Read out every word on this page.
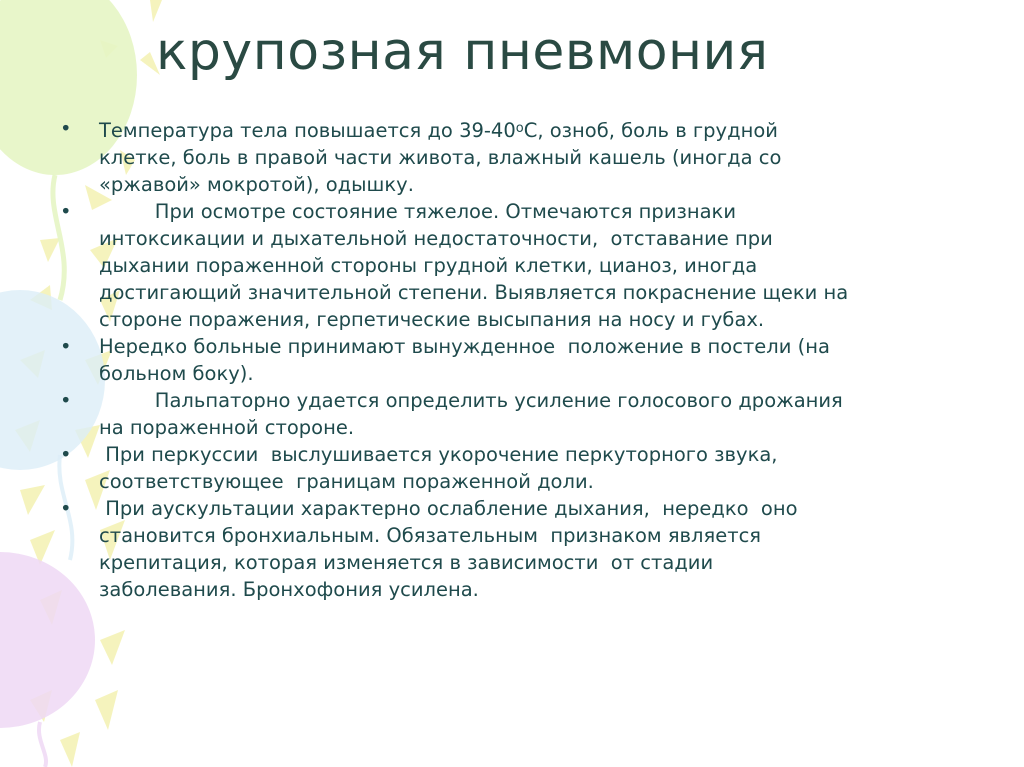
крупозная пневмония
• Температура тела повышается до $39-40^оС$, озноб, боль в грудной
клетке, боль в правой части живота, влажный кашель (иногда со
«ржавой» мокротой), одышку.
• При осмотре состояние тяжелое. Отмечаются признаки
интоксикации и дыхательной недостаточности,  отставание при
дыхании пораженной стороны грудной клетки, цианоз, иногда
достигающий значительной степени. Выявляется покраснение щеки на
стороне поражения, герпетические высыпания на носу и губах.
• Нередко больные принимают вынужденное  положение в постели (на
больном боку).
• Пальпаторно удается определить усиление голосового дрожания
на пораженной стороне.
• При перкуссии  выслушивается укорочение перкуторного звука,
соответствующее  границам пораженной доли.
• При аускультации характерно ослабление дыхания,  нередко  оно
становится бронхиальным. Обязательным  признаком является
крепитация, которая изменяется в зависимости  от стадии
заболевания. Бронхофония усилена.
